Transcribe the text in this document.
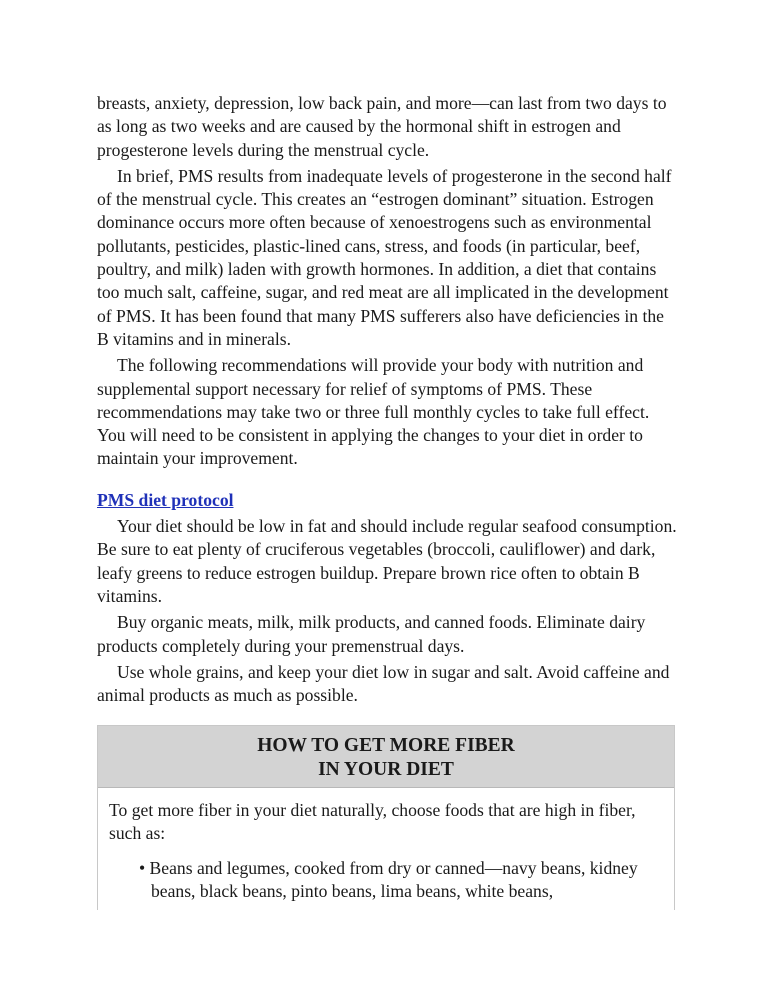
breasts, anxiety, depression, low back pain, and more—can last from two days to as long as two weeks and are caused by the hormonal shift in estrogen and progesterone levels during the menstrual cycle.

In brief, PMS results from inadequate levels of progesterone in the second half of the menstrual cycle. This creates an “estrogen dominant” situation. Estrogen dominance occurs more often because of xenoestrogens such as environmental pollutants, pesticides, plastic-lined cans, stress, and foods (in particular, beef, poultry, and milk) laden with growth hormones. In addition, a diet that contains too much salt, caffeine, sugar, and red meat are all implicated in the development of PMS. It has been found that many PMS sufferers also have deficiencies in the B vitamins and in minerals.

The following recommendations will provide your body with nutrition and supplemental support necessary for relief of symptoms of PMS. These recommendations may take two or three full monthly cycles to take full effect. You will need to be consistent in applying the changes to your diet in order to maintain your improvement.

PMS diet protocol

Your diet should be low in fat and should include regular seafood consumption. Be sure to eat plenty of cruciferous vegetables (broccoli, cauliflower) and dark, leafy greens to reduce estrogen buildup. Prepare brown rice often to obtain B vitamins.

Buy organic meats, milk, milk products, and canned foods. Eliminate dairy products completely during your premenstrual days.

Use whole grains, and keep your diet low in sugar and salt. Avoid caffeine and animal products as much as possible.

HOW TO GET MORE FIBER
IN YOUR DIET

To get more fiber in your diet naturally, choose foods that are high in fiber, such as:

• Beans and legumes, cooked from dry or canned—navy beans, kidney beans, black beans, pinto beans, lima beans, white beans,
